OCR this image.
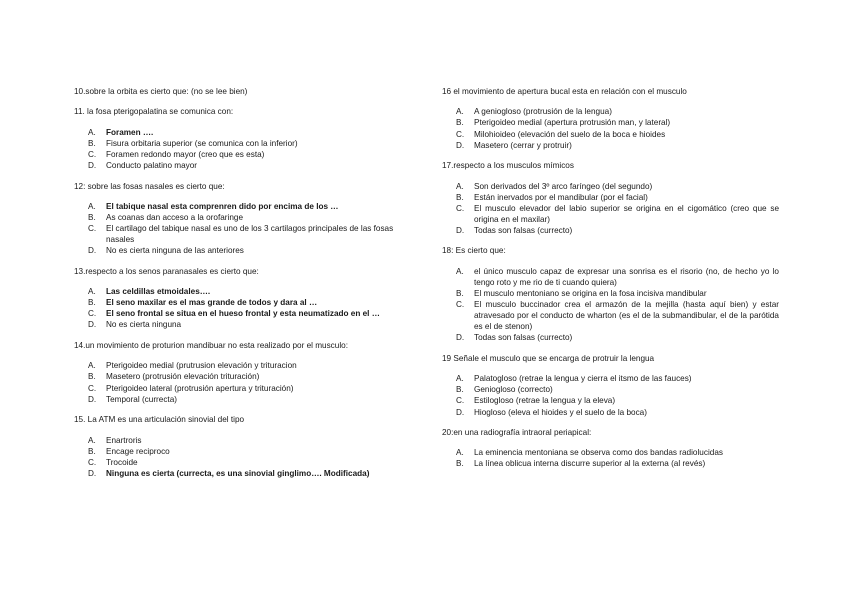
10.sobre la orbita es cierto que: (no se lee bien)

11. la fosa pterigopalatina se comunica con:

A.	Foramen ….
B.	Fisura orbitaria superior (se comunica con la inferior)
C.	Foramen redondo mayor (creo que es esta)
D.	Conducto palatino mayor

12: sobre las fosas nasales es cierto que:

A.	El tabique nasal esta comprenren dido por encima de los …
B.	As coanas dan acceso a la orofaringe
C.	El cartilago del tabique nasal es uno de los 3 cartilagos principales de las fosas nasales
D.	No es cierta ninguna de las anteriores

13.respecto a los senos paranasales es cierto que:

A.	Las celdillas etmoidales….
B.	El seno maxilar es el mas grande de todos y dara al …
C.	El seno frontal se situa en el hueso frontal y esta neumatizado en el …
D.	No es cierta ninguna

14.un movimiento de proturion mandibuar no esta realizado por el musculo:

A.	Pterigoideo medial (prutrusion elevación y trituracion
B.	Masetero (protrusión elevación trituración)
C.	Pterigoideo lateral (protrusión apertura y trituración)
D.	Temporal (currecta)

15. La ATM es una articulación sinovial del tipo

A.	Enartroris
B.	Encage reciproco
C.	Trocoide
D.	Ninguna es cierta (currecta, es una sinovial ginglimo…. Modificada)

16 el movimiento de apertura bucal esta en relación con el musculo

A.	A geniogloso (protrusión de la lengua)
B.	Pterigoideo medial (apertura protrusión man, y lateral)
C.	Milohioideo (elevación del suelo de la boca e hioides
D.	Masetero (cerrar y protruir)

17.respecto a los musculos mímicos

A.	Son derivados del 3º arco faríngeo (del segundo)
B.	Están inervados por el mandibular (por el facial)
C.	El musculo elevador del labio superior se origina en el cigomático (creo que se origina en el maxilar)
D.	Todas son falsas (currecto)

18: Es cierto que:

A.	el único musculo capaz de expresar una sonrisa es el risorio (no, de hecho yo lo tengo roto y me rio de ti cuando quiera)
B.	El musculo mentoniano se origina en la fosa incisiva mandibular
C.	El musculo buccinador crea el armazón de la mejilla (hasta aquí bien) y estar atravesado por el conducto de wharton (es el de la submandibular, el de la parótida es el de stenon)
D.	Todas son falsas (currecto)

19 Señale el musculo que se encarga de protruir la lengua

A.	Palatogloso (retrae la lengua y cierra el itsmo de las fauces)
B.	Geniogloso (correcto)
C.	Estilogloso (retrae la lengua y la eleva)
D.	Hiogloso (eleva el hioides y el suelo de la boca)

20:en una radiografía intraoral periapical:

A.	La eminencia mentoniana se observa como dos bandas radiolucidas
B.	La línea oblicua interna discurre superior al la externa (al revés)
